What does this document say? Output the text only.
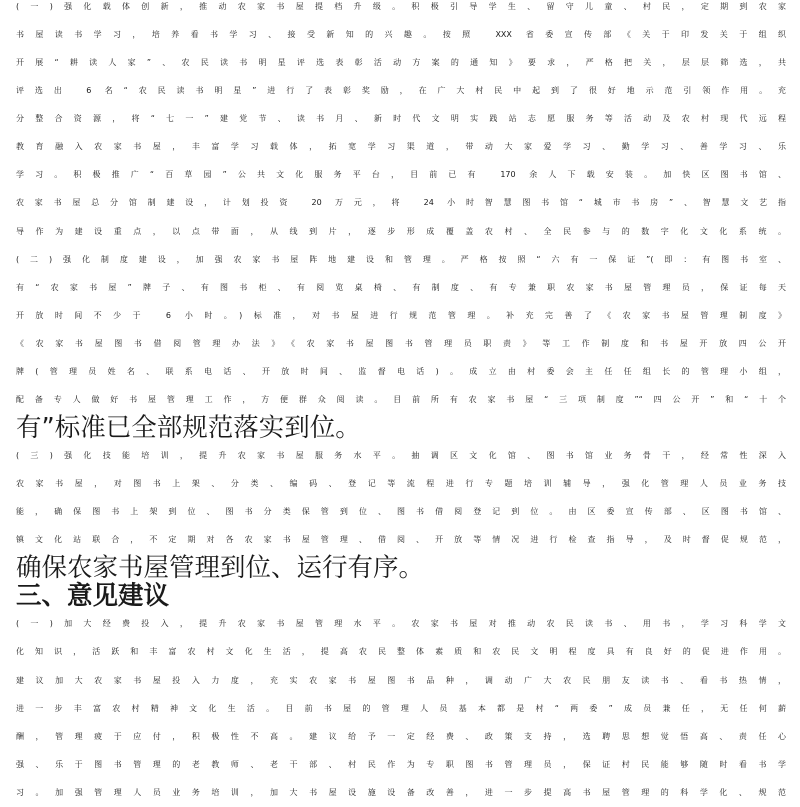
(一)强化载体创新，推动农家书屋提档升级。积极引导学生、留守儿童、村民，定期到农家
书屋读书学习，培养看书学习、接受新知的兴趣。按照 XXX 省委宣传部《关于印发关于组织
开展“耕读人家”、农民读书明星评选表彰活动方案的通知》要求，严格把关，层层筛选，共
评选出 6 名“农民读书明星”进行了表彰奖励，在广大村民中起到了很好地示范引领作用。充
分整合资源，将“七一”建党节、读书月、新时代文明实践站志愿服务等活动及农村现代远程
教育融入农家书屋，丰富学习载体，拓宽学习渠道，带动大家爱学习、勤学习、善学习、乐
学习。积极推广“百草园”公共文化服务平台，目前已有 170 余人下载安装。加快区图书馆、
农家书屋总分馆制建设，计划投资 20 万元，将 24 小时智慧图书馆“城市书房”、智慧文艺指
导作为建设重点，以点带面，从线到片，逐步形成覆盖农村、全民参与的数字化文化系统。
(二)强化制度建设，加强农家书屋阵地建设和管理。严格按照“六有一保证”(即：有图书室、
有“农家书屋”牌子、有图书柜、有阅览桌椅、有制度、有专兼职农家书屋管理员，保证每天
开放时间不少于 6 小时。)标准，对书屋进行规范管理。补充完善了《农家书屋管理制度》
《农家书屋图书借阅管理办法》《农家书屋图书管理员职责》等工作制度和书屋开放四公开
牌(管理员姓名、联系电话、开放时间、监督电话)。成立由村委会主任任组长的管理小组，
配备专人做好书屋管理工作，方便群众阅读。目前所有农家书屋“三项制度”“四公开”和“十个
有”标准已全部规范落实到位。
(三)强化技能培训，提升农家书屋服务水平。抽调区文化馆、图书馆业务骨干，经常性深入
农家书屋，对图书上架、分类、编码、登记等流程进行专题培训辅导，强化管理人员业务技
能，确保图书上架到位、图书分类保管到位、图书借阅登记到位。由区委宣传部、区图书馆、
镇文化站联合，不定期对各农家书屋管理、借阅、开放等情况进行检查指导，及时督促规范，
确保农家书屋管理到位、运行有序。
三、意见建议
(一)加大经费投入，提升农家书屋管理水平。农家书屋对推动农民读书、用书，学习科学文
化知识，活跃和丰富农村文化生活，提高农民整体素质和农民文明程度具有良好的促进作用。
建议加大农家书屋投入力度，充实农家书屋图书品种，调动广大农民朋友读书、看书热情，
进一步丰富农村精神文化生活。目前书屋的管理人员基本都是村“两委”成员兼任，无任何薪
酬，管理疲于应付，积极性不高。建议给予一定经费、政策支持，选聘思想觉悟高、责任心
强、乐于图书管理的老教师、老干部、村民作为专职图书管理员，保证村民能够随时看书学
习。加强管理人员业务培训，加大书屋设施设备改善，进一步提高书屋管理的科学化、规范
